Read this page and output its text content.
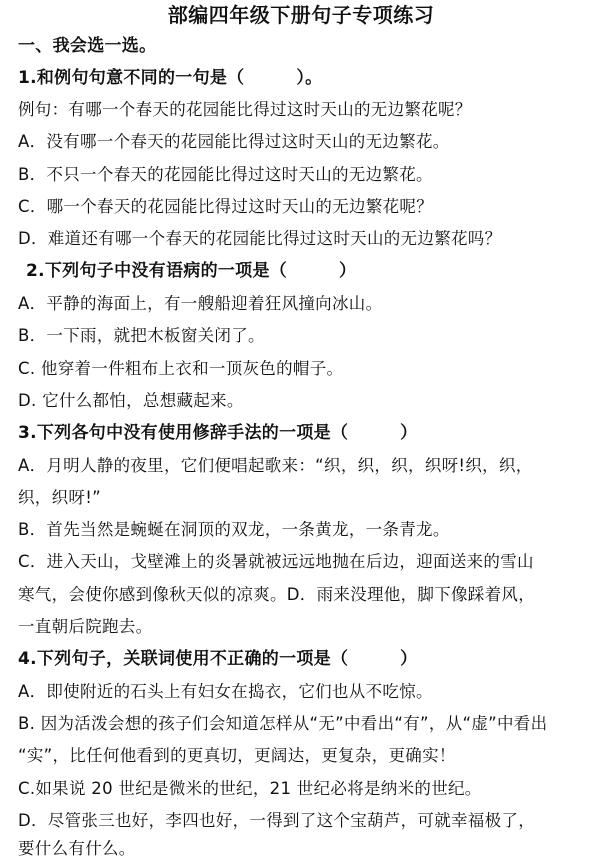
部编四年级下册句子专项练习
一、我会选一选。
1.和例句句意不同的一句是（　　　）。
例句：有哪一个春天的花园能比得过这时天山的无边繁花呢？
A．没有哪一个春天的花园能比得过这时天山的无边繁花。
B．不只一个春天的花园能比得过这时天山的无边繁花。
C．哪一个春天的花园能比得过这时天山的无边繁花呢？
D．难道还有哪一个春天的花园能比得过这时天山的无边繁花吗？
2.下列句子中没有语病的一项是（　　　）
A．平静的海面上，有一艘船迎着狂风撞向冰山。
B．一下雨，就把木板窗关闭了。
C. 他穿着一件粗布上衣和一顶灰色的帽子。
D. 它什么都怕，总想藏起来。
3.下列各句中没有使用修辞手法的一项是（　　　）
A．月明人静的夜里，它们便唱起歌来：“织，织，织，织呀!织，织，
织，织呀!”
B．首先当然是蜿蜒在洞顶的双龙，一条黄龙，一条青龙。
C．进入天山，戈壁滩上的炎暑就被远远地抛在后边，迎面送来的雪山
寒气，会使你感到像秋天似的凉爽。D．雨来没理他，脚下像踩着风，
一直朝后院跑去。
4.下列句子，关联词使用不正确的一项是（　　　）
A．即使附近的石头上有妇女在捣衣，它们也从不吃惊。
B. 因为活泼会想的孩子们会知道怎样从“无”中看出“有”，从“虚”中看出
“实”，比任何他看到的更真切，更阔达，更复杂，更确实！
C.如果说 20 世纪是微米的世纪，21 世纪必将是纳米的世纪。
D．尽管张三也好，李四也好，一得到了这个宝葫芦，可就幸福极了，
要什么有什么。
